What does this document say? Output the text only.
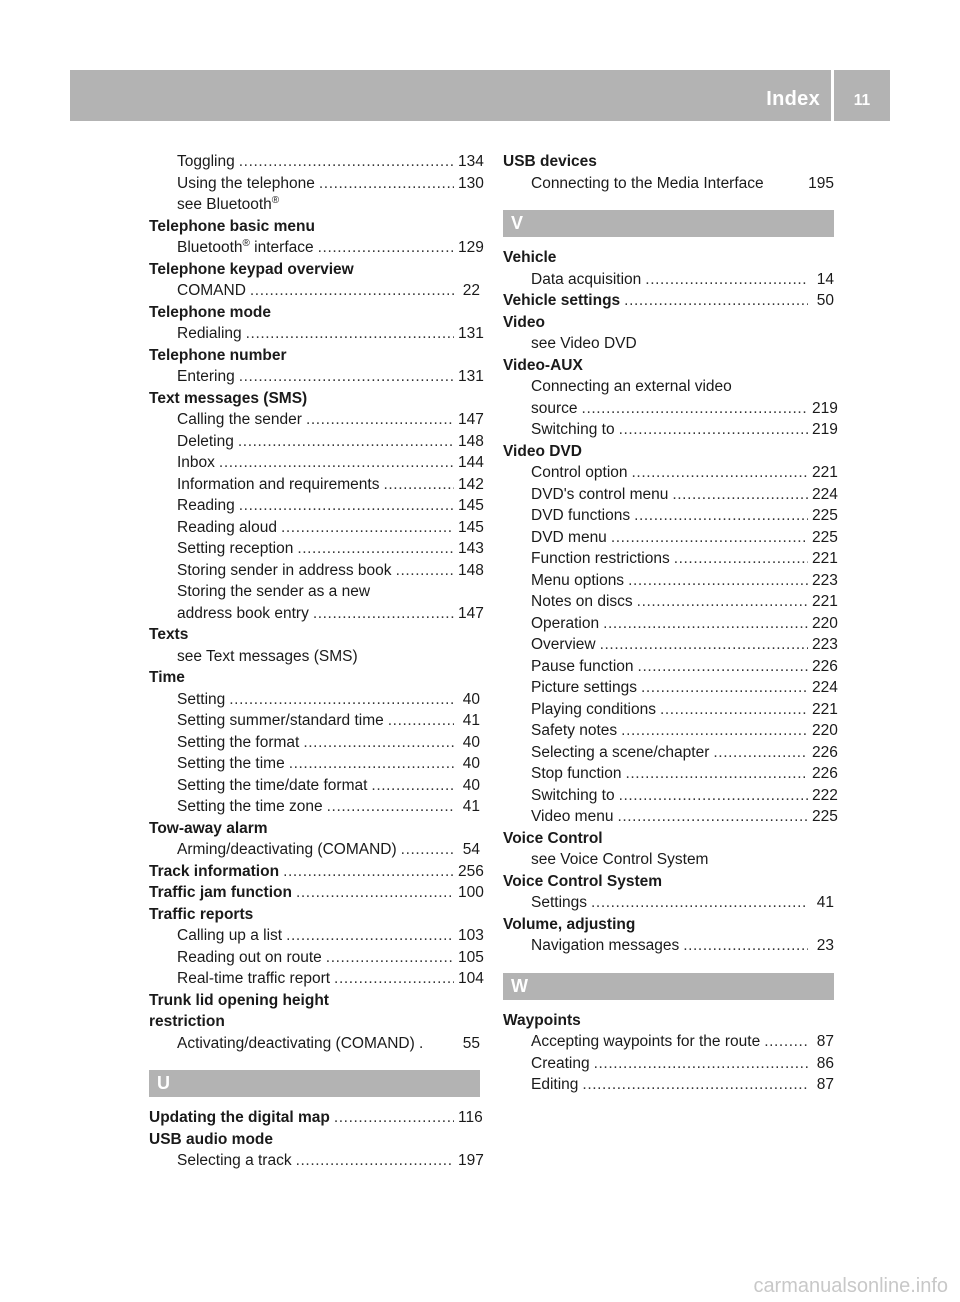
Index	11
Toggling .....	134
Using the telephone .....	130
see Bluetooth®
Telephone basic menu
Bluetooth® interface .....	129
Telephone keypad overview
COMAND .....	22
Telephone mode
Redialing .....	131
Telephone number
Entering .....	131
Text messages (SMS)
Calling the sender .....	147
Deleting .....	148
Inbox .....	144
Information and requirements .....	142
Reading .....	145
Reading aloud .....	145
Setting reception .....	143
Storing sender in address book .....	148
Storing the sender as a new
address book entry .....	147
Texts
see Text messages (SMS)
Time
Setting .....	40
Setting summer/standard time .....	41
Setting the format .....	40
Setting the time .....	40
Setting the time/date format .....	40
Setting the time zone .....	41
Tow-away alarm
Arming/deactivating (COMAND) .....	54
Track information .....	256
Traffic jam function .....	100
Traffic reports
Calling up a list .....	103
Reading out on route .....	105
Real-time traffic report .....	104
Trunk lid opening height
restriction
Activating/deactivating (COMAND) .	55
U
Updating the digital map .....	116
USB audio mode
Selecting a track .....	197
USB devices
Connecting to the Media Interface	195
V
Vehicle
Data acquisition .....	14
Vehicle settings .....	50
Video
see Video DVD
Video-AUX
Connecting an external video
source .....	219
Switching to .....	219
Video DVD
Control option .....	221
DVD's control menu .....	224
DVD functions .....	225
DVD menu .....	225
Function restrictions .....	221
Menu options .....	223
Notes on discs .....	221
Operation .....	220
Overview .....	223
Pause function .....	226
Picture settings .....	224
Playing conditions .....	221
Safety notes .....	220
Selecting a scene/chapter .....	226
Stop function .....	226
Switching to .....	222
Video menu .....	225
Voice Control
see Voice Control System
Voice Control System
Settings .....	41
Volume, adjusting
Navigation messages .....	23
W
Waypoints
Accepting waypoints for the route .....	87
Creating .....	86
Editing .....	87
carmanualsonline.info
